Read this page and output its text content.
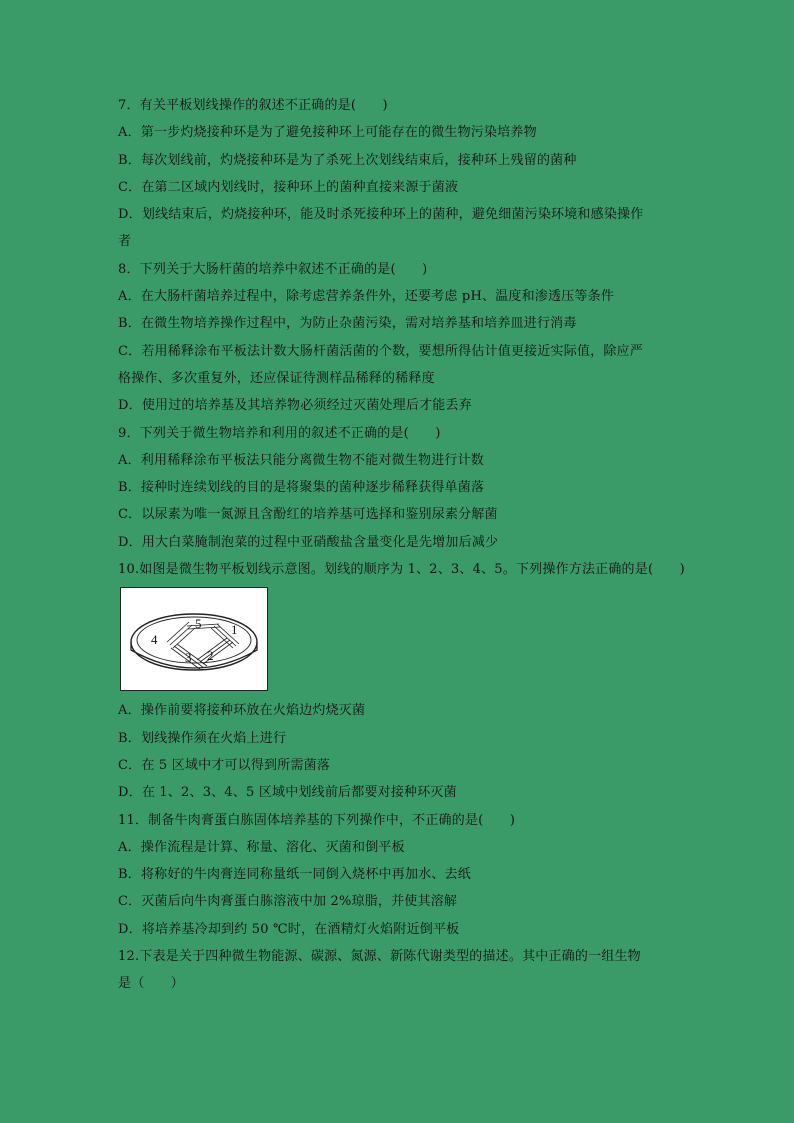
7．有关平板划线操作的叙述不正确的是(　　)
A．第一步灼烧接种环是为了避免接种环上可能存在的微生物污染培养物
B．每次划线前，灼烧接种环是为了杀死上次划线结束后，接种环上残留的菌种
C．在第二区域内划线时，接种环上的菌种直接来源于菌液
D．划线结束后，灼烧接种环，能及时杀死接种环上的菌种，避免细菌污染环境和感染操作
者
8．下列关于大肠杆菌的培养中叙述不正确的是(　　)
A．在大肠杆菌培养过程中，除考虑营养条件外，还要考虑 pH、温度和渗透压等条件
B．在微生物培养操作过程中，为防止杂菌污染，需对培养基和培养皿进行消毒
C．若用稀释涂布平板法计数大肠杆菌活菌的个数，要想所得估计值更接近实际值，除应严
格操作、多次重复外，还应保证待测样品稀释的稀释度
D．使用过的培养基及其培养物必须经过灭菌处理后才能丢弃
9．下列关于微生物培养和利用的叙述不正确的是(　　)
A．利用稀释涂布平板法只能分离微生物不能对微生物进行计数
B．接种时连续划线的目的是将聚集的菌种逐步稀释获得单菌落
C．以尿素为唯一氮源且含酚红的培养基可选择和鉴别尿素分解菌
D．用大白菜腌制泡菜的过程中亚硝酸盐含量变化是先增加后减少
10.如图是微生物平板划线示意图。划线的顺序为 1、2、3、4、5。下列操作方法正确的是(　　)
1
2
3
4
5
A．操作前要将接种环放在火焰边灼烧灭菌
B．划线操作须在火焰上进行
C．在 5 区域中才可以得到所需菌落
D．在 1、2、3、4、5 区域中划线前后都要对接种环灭菌
11．制备牛肉膏蛋白胨固体培养基的下列操作中，不正确的是(　　)
A．操作流程是计算、称量、溶化、灭菌和倒平板
B．将称好的牛肉膏连同称量纸一同倒入烧杯中再加水、去纸
C．灭菌后向牛肉膏蛋白胨溶液中加 2%琼脂，并使其溶解
D．将培养基冷却到约 50 ℃时，在酒精灯火焰附近倒平板
12.下表是关于四种微生物能源、碳源、氮源、新陈代谢类型的描述。其中正确的一组生物
是（　　）
